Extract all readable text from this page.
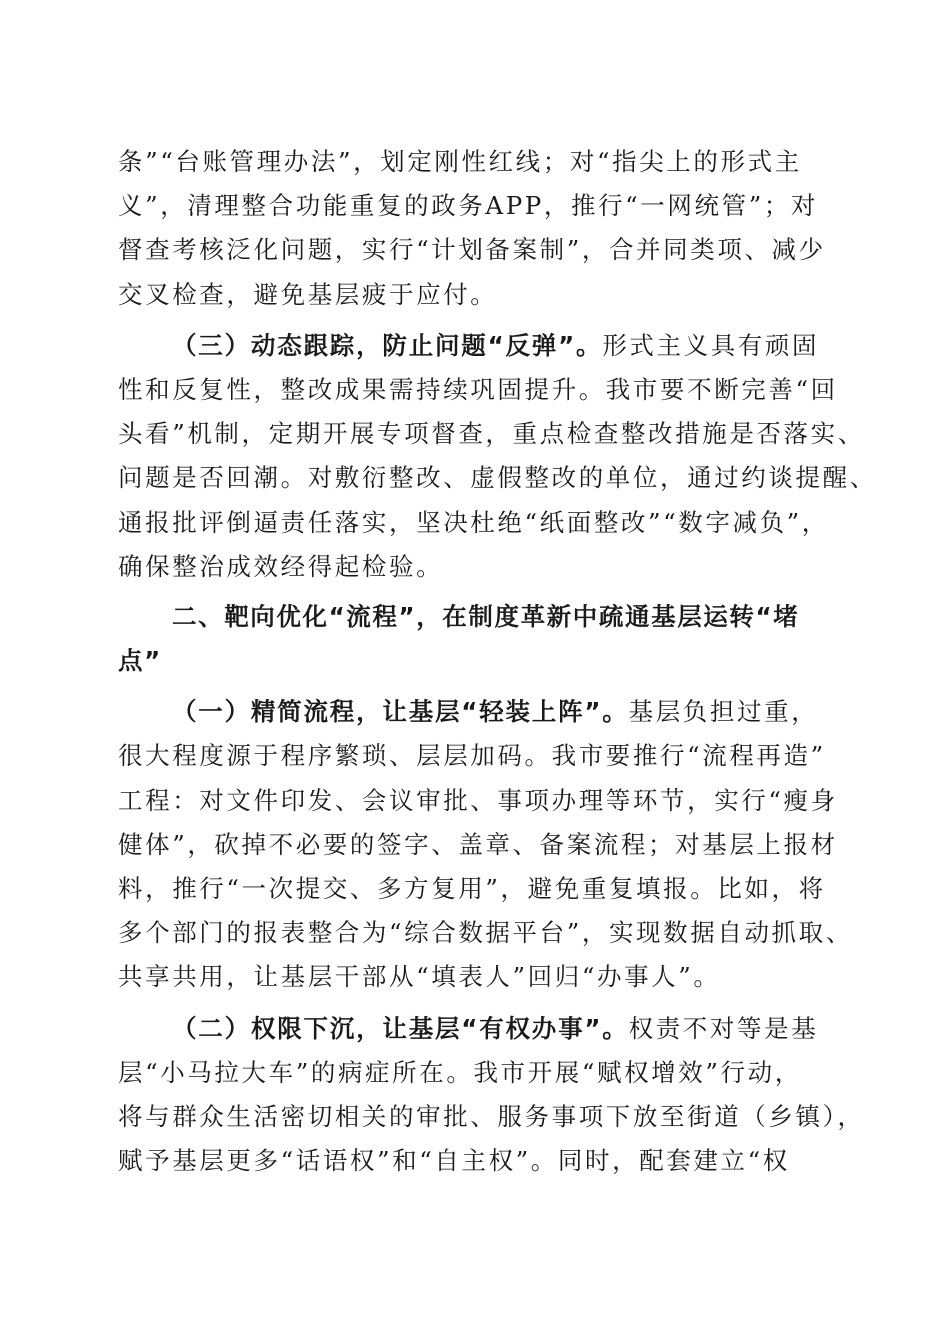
条”“台账管理办法”，划定刚性红线；对“指尖上的形式主
义”，清理整合功能重复的政务APP，推行“一网统管”；对
督查考核泛化问题，实行“计划备案制”，合并同类项、减少
交叉检查，避免基层疲于应付。
（三）动态跟踪，防止问题“反弹”。形式主义具有顽固
性和反复性，整改成果需持续巩固提升。我市要不断完善“回
头看”机制，定期开展专项督查，重点检查整改措施是否落实、
问题是否回潮。对敷衍整改、虚假整改的单位，通过约谈提醒、
通报批评倒逼责任落实，坚决杜绝“纸面整改”“数字减负”，
确保整治成效经得起检验。
二、靶向优化“流程”，在制度革新中疏通基层运转“堵
点”
（一）精简流程，让基层“轻装上阵”。基层负担过重，
很大程度源于程序繁琐、层层加码。我市要推行“流程再造”
工程：对文件印发、会议审批、事项办理等环节，实行“瘦身
健体”，砍掉不必要的签字、盖章、备案流程；对基层上报材
料，推行“一次提交、多方复用”，避免重复填报。比如，将
多个部门的报表整合为“综合数据平台”，实现数据自动抓取、
共享共用，让基层干部从“填表人”回归“办事人”。
（二）权限下沉，让基层“有权办事”。权责不对等是基
层“小马拉大车”的病症所在。我市开展“赋权增效”行动，
将与群众生活密切相关的审批、服务事项下放至街道（乡镇），
赋予基层更多“话语权”和“自主权”。同时，配套建立“权
